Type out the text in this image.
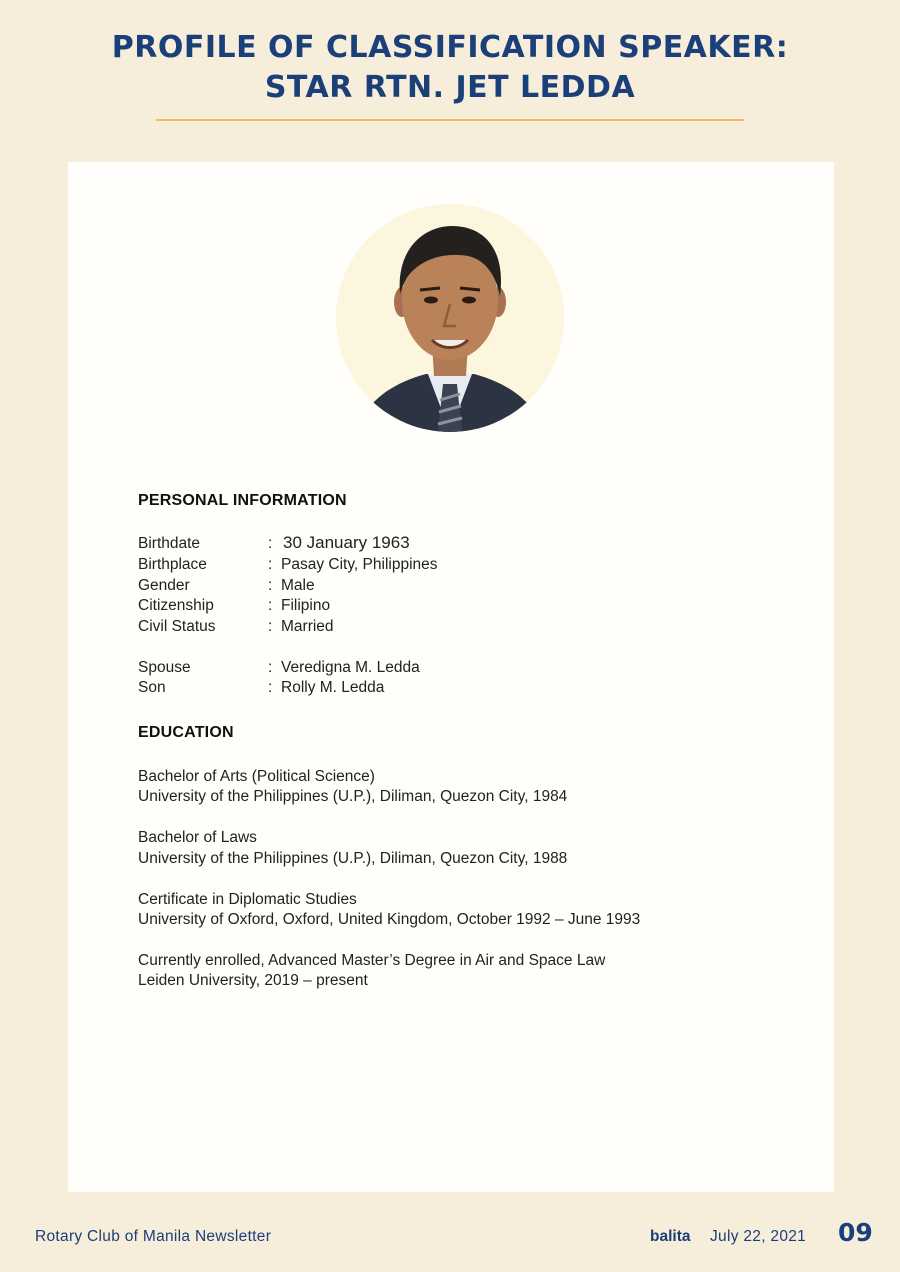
PROFILE OF CLASSIFICATION SPEAKER:
STAR RTN. JET LEDDA
PERSONAL INFORMATION
Birthdate	: 30 January 1963
Birthplace	: Pasay City, Philippines
Gender	: Male
Citizenship	: Filipino
Civil Status	: Married
Spouse	: Veredigna M. Ledda
Son	: Rolly M. Ledda
EDUCATION
Bachelor of Arts (Political Science)
University of the Philippines (U.P.), Diliman, Quezon City, 1984
Bachelor of Laws
University of the Philippines (U.P.), Diliman, Quezon City, 1988
Certificate in Diplomatic Studies
University of Oxford, Oxford, United Kingdom, October 1992 – June 1993
Currently enrolled, Advanced Master’s Degree in Air and Space Law
Leiden University, 2019 – present
Rotary Club of Manila Newsletter	balita July 22, 2021 09
